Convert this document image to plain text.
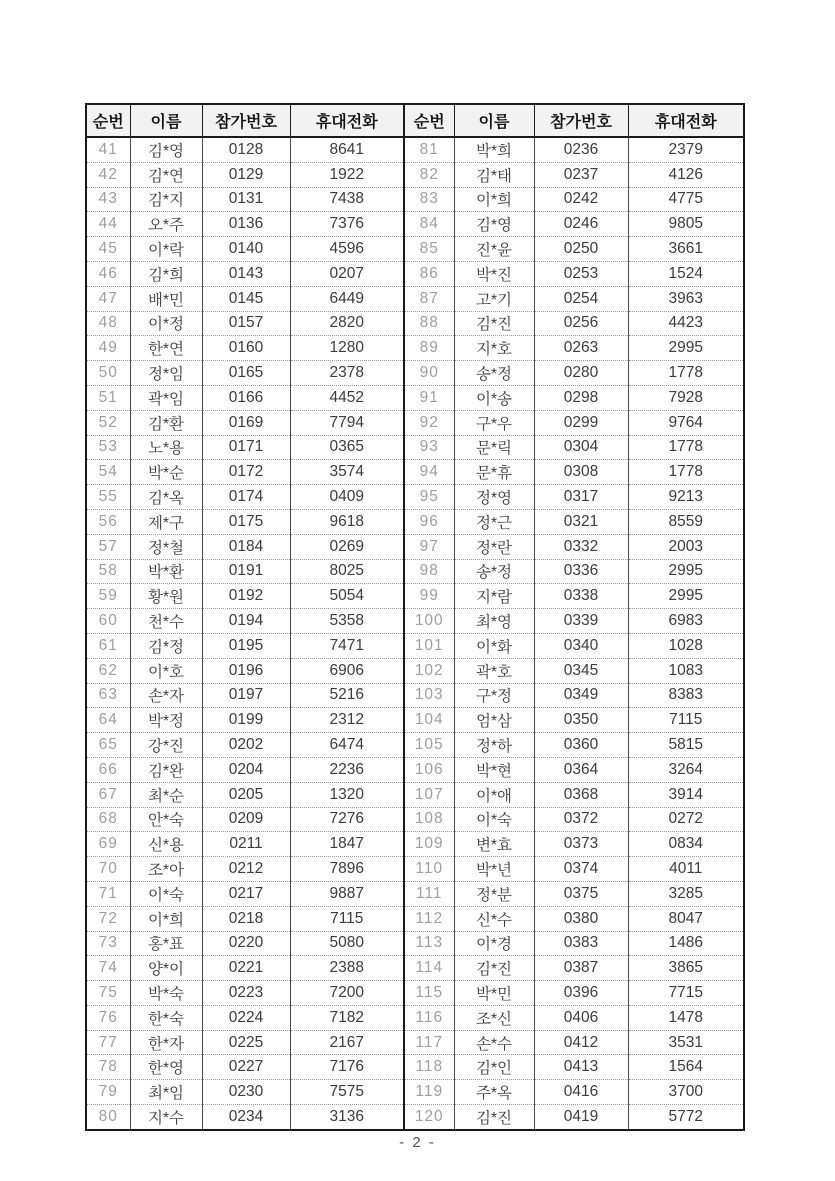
순번	이름	참가번호	휴대전화	순번	이름	참가번호	휴대전화
41	김*영	0128	8641	81	박*희	0236	2379
42	김*연	0129	1922	82	김*태	0237	4126
43	김*지	0131	7438	83	이*희	0242	4775
44	오*주	0136	7376	84	김*영	0246	9805
45	이*락	0140	4596	85	진*윤	0250	3661
46	김*희	0143	0207	86	박*진	0253	1524
47	배*민	0145	6449	87	고*기	0254	3963
48	이*정	0157	2820	88	김*진	0256	4423
49	한*연	0160	1280	89	지*호	0263	2995
50	정*임	0165	2378	90	송*정	0280	1778
51	곽*임	0166	4452	91	이*송	0298	7928
52	김*환	0169	7794	92	구*우	0299	9764
53	노*용	0171	0365	93	문*릭	0304	1778
54	박*순	0172	3574	94	문*휴	0308	1778
55	김*옥	0174	0409	95	정*영	0317	9213
56	제*구	0175	9618	96	정*근	0321	8559
57	정*철	0184	0269	97	정*란	0332	2003
58	박*환	0191	8025	98	송*정	0336	2995
59	황*원	0192	5054	99	지*람	0338	2995
60	천*수	0194	5358	100	최*영	0339	6983
61	김*정	0195	7471	101	이*화	0340	1028
62	이*호	0196	6906	102	곽*호	0345	1083
63	손*자	0197	5216	103	구*정	0349	8383
64	박*정	0199	2312	104	엄*삼	0350	7115
65	강*진	0202	6474	105	정*하	0360	5815
66	김*완	0204	2236	106	박*현	0364	3264
67	최*순	0205	1320	107	이*애	0368	3914
68	안*숙	0209	7276	108	이*숙	0372	0272
69	신*용	0211	1847	109	변*효	0373	0834
70	조*아	0212	7896	110	박*년	0374	4011
71	이*숙	0217	9887	111	정*분	0375	3285
72	이*희	0218	7115	112	신*수	0380	8047
73	홍*표	0220	5080	113	이*경	0383	1486
74	양*이	0221	2388	114	김*진	0387	3865
75	박*숙	0223	7200	115	박*민	0396	7715
76	한*숙	0224	7182	116	조*신	0406	1478
77	한*자	0225	2167	117	손*수	0412	3531
78	한*영	0227	7176	118	김*인	0413	1564
79	최*임	0230	7575	119	주*옥	0416	3700
80	지*수	0234	3136	120	김*진	0419	5772
- 2 -
